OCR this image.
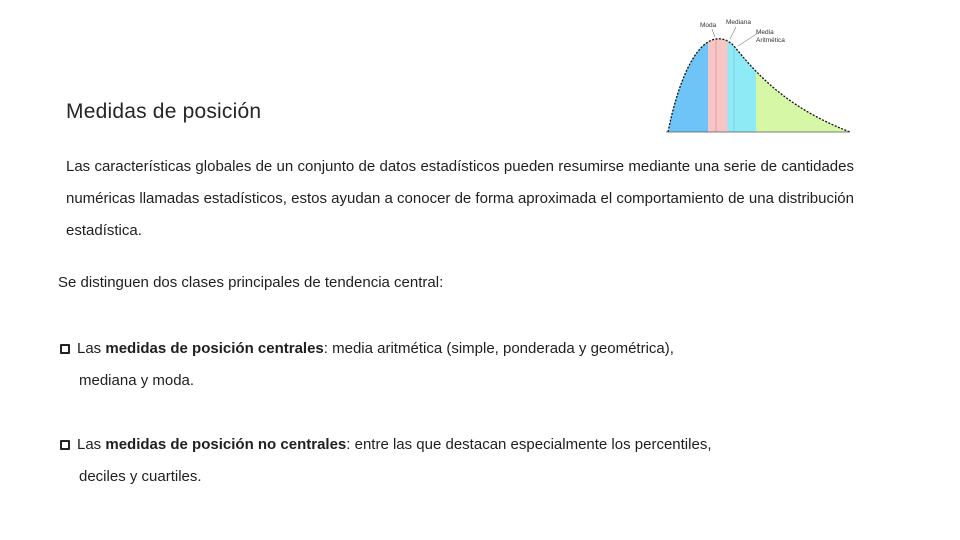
Medidas de posición
Las características globales de un conjunto de datos estadísticos pueden resumirse mediante una serie de cantidades numéricas llamadas estadísticos, estos ayudan a conocer de forma aproximada el comportamiento de una distribución estadística.
Se distinguen dos clases principales de tendencia central:
Las medidas de posición centrales: media aritmética (simple, ponderada y geométrica),
mediana y moda.
Las medidas de posición no centrales: entre las que destacan especialmente los percentiles,
deciles y cuartiles.
Moda Mediana
Media
Aritmética
